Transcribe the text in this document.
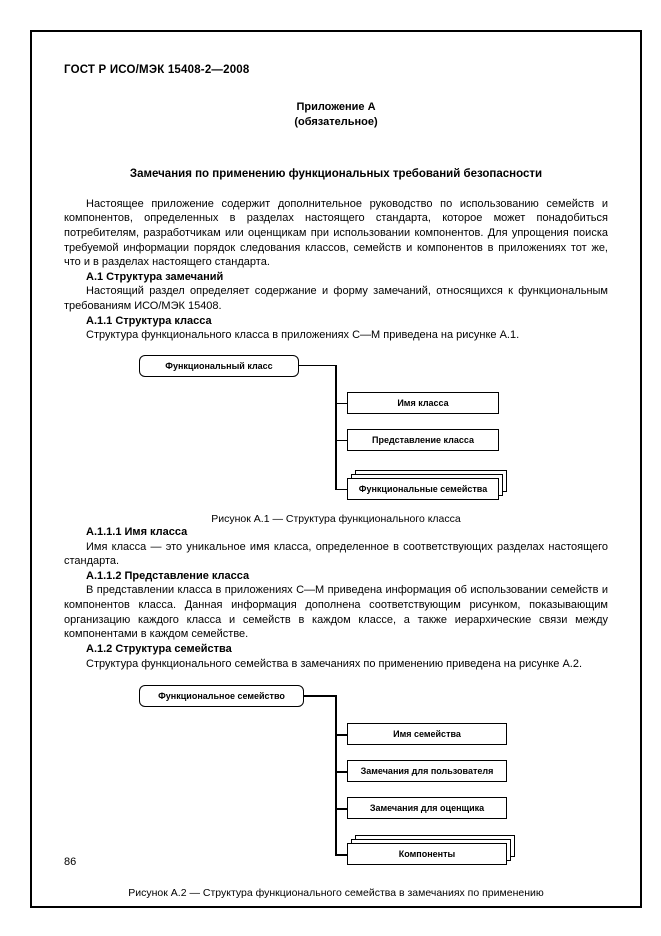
ГОСТ Р ИСО/МЭК 15408-2—2008
Приложение А
(обязательное)
Замечания по применению функциональных требований безопасности

Настоящее приложение содержит дополнительное руководство по использованию семейств и компонентов, определенных в разделах настоящего стандарта, которое может понадобиться потребителям, разработчикам или оценщикам при использовании компонентов. Для упрощения поиска требуемой информации порядок следования классов, семейств и компонентов в приложениях тот же, что и в разделах настоящего стандарта.

А.1 Структура замечаний

Настоящий раздел определяет содержание и форму замечаний, относящихся к функциональным требованиям ИСО/МЭК 15408.

А.1.1 Структура класса

Структура функционального класса в приложениях С—М приведена на рисунке А.1.

Функциональный класс
Имя класса
Представление класса
Функциональные семейства

Рисунок А.1 — Структура функционального класса

А.1.1.1 Имя класса

Имя класса — это уникальное имя класса, определенное в соответствующих разделах настоящего стандарта.

А.1.1.2 Представление класса

В представлении класса в приложениях С—М приведена информация об использовании семейств и компонентов класса. Данная информация дополнена соответствующим рисунком, показывающим организацию каждого класса и семейств в каждом классе, а также иерархические связи между компонентами в каждом семействе.

А.1.2 Структура семейства

Структура функционального семейства в замечаниях по применению приведена на рисунке А.2.

Функциональное семейство
Имя семейства
Замечания для пользователя
Замечания для оценщика
Компоненты

Рисунок А.2 — Структура функционального семейства в замечаниях по применению

86
